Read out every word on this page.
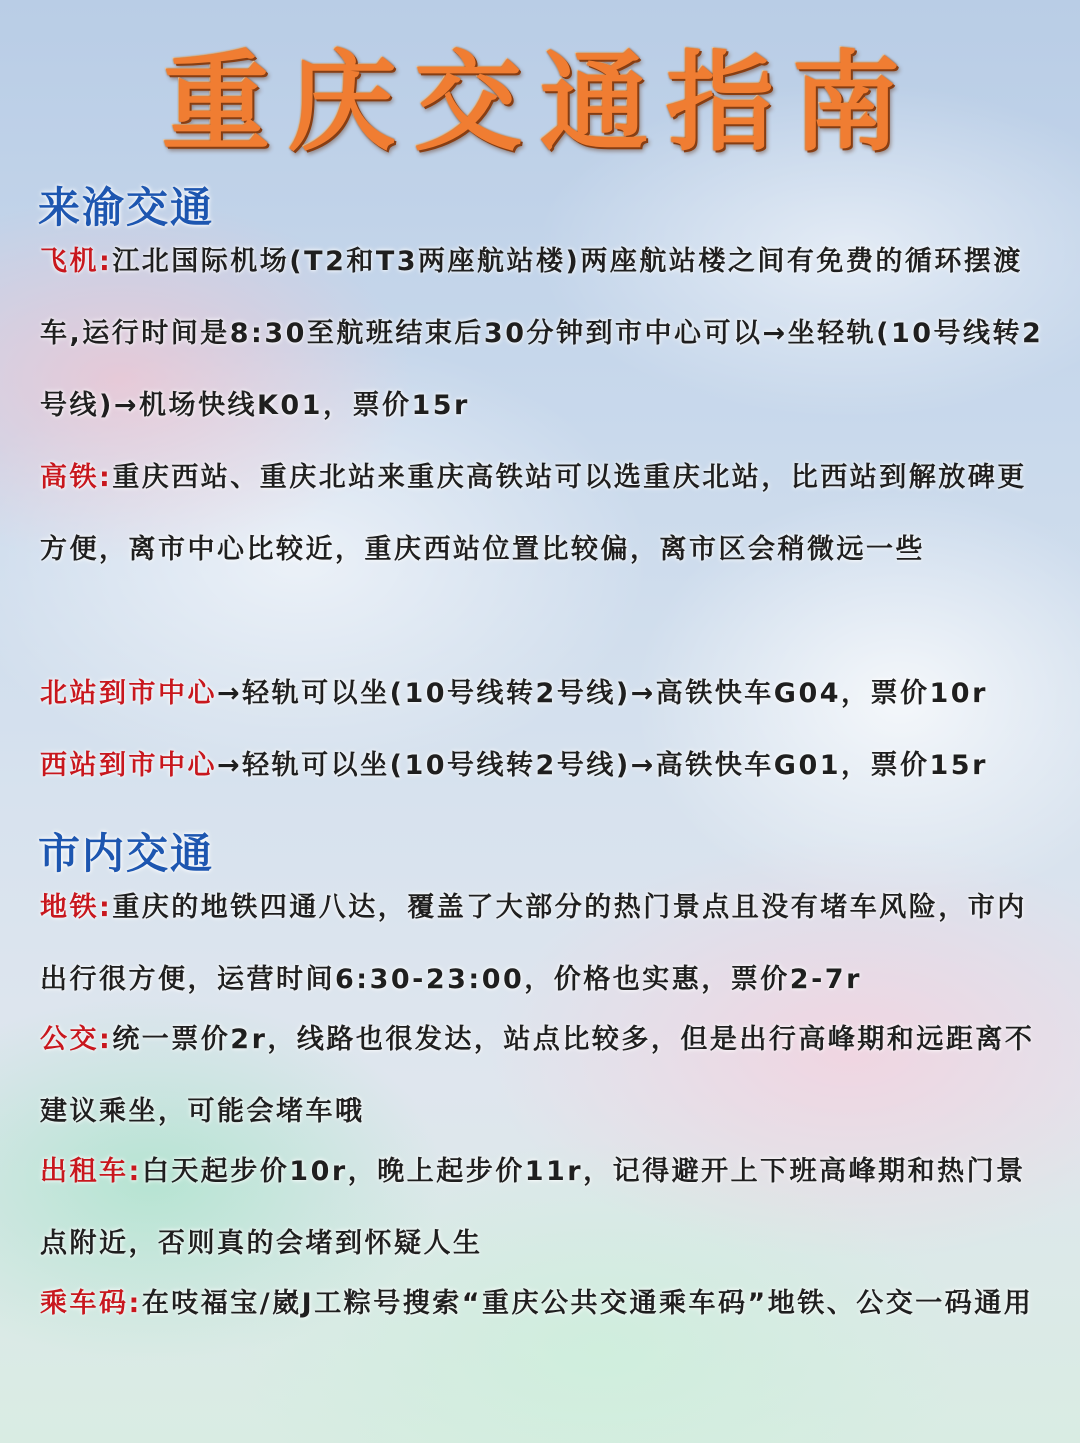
重庆交通指南
来渝交通
飞机:江北国际机场(T2和T3两座航站楼)两座航站楼之间有免费的循环摆渡车,运行时间是8:30至航班结束后30分钟到市中心可以→坐轻轨(10号线转2号线)→机场快线K01，票价15r
高铁:重庆西站、重庆北站来重庆高铁站可以选重庆北站，比西站到解放碑更方便，离市中心比较近，重庆西站位置比较偏，离市区会稍微远一些
北站到市中心→轻轨可以坐(10号线转2号线)→高铁快车G04，票价10r
西站到市中心→轻轨可以坐(10号线转2号线)→高铁快车G01，票价15r
市内交通
地铁:重庆的地铁四通八达，覆盖了大部分的热门景点且没有堵车风险，市内出行很方便，运营时间6:30-23:00，价格也实惠，票价2-7r
公交:统一票价2r，线路也很发达，站点比较多，但是出行高峰期和远距离不建议乘坐，可能会堵车哦
出租车:白天起步价10r，晚上起步价11r，记得避开上下班高峰期和热门景点附近，否则真的会堵到怀疑人生
乘车码:在吱福宝/崴J工粽号搜索“重庆公共交通乘车码”地铁、公交一码通用
